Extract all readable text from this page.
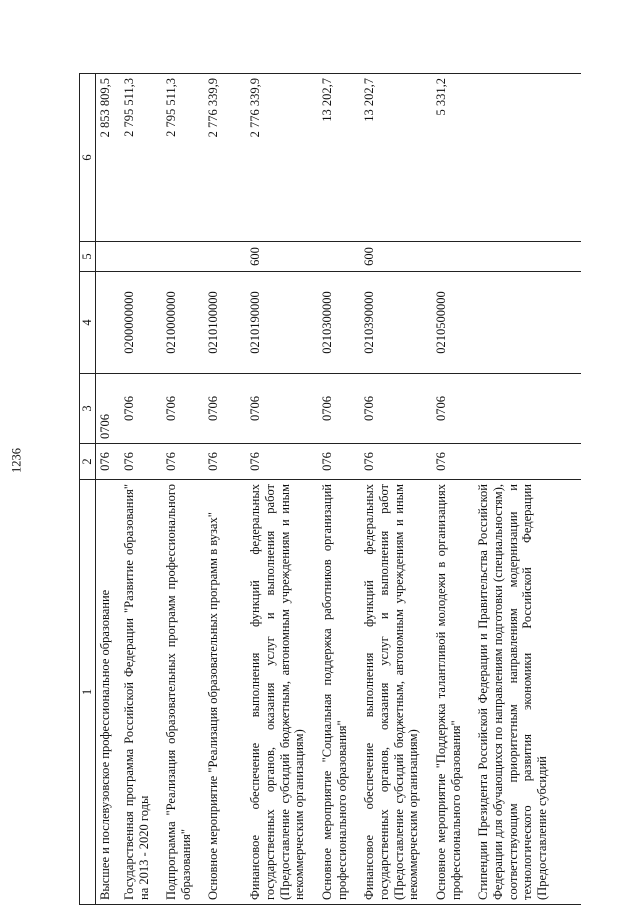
1236
1	2	3	4	5	6
Высшее и послевузовское профессиональное образование	076	0706			2 853 809,5
Государственная программа Российской Федерации "Развитие образования" на 2013 - 2020 годы	076	0706	0200000000		2 795 511,3
Подпрограмма "Реализация образовательных программ профессионального образования"	076	0706	0210000000		2 795 511,3
Основное мероприятие "Реализация образовательных программ в вузах"	076	0706	0210100000		2 776 339,9
Финансовое обеспечение выполнения функций федеральных государственных органов, оказания услуг и выполнения работ (Предоставление субсидий бюджетным, автономным учреждениям и иным некоммерческим организациям)	076	0706	0210190000	600	2 776 339,9
Основное мероприятие "Социальная поддержка работников организаций профессионального образования"	076	0706	0210300000		13 202,7
Финансовое обеспечение выполнения функций федеральных государственных органов, оказания услуг и выполнения работ (Предоставление субсидий бюджетным, автономным учреждениям и иным некоммерческим организациям)	076	0706	0210390000	600	13 202,7
Основное мероприятие "Поддержка талантливой молодежи в организациях профессионального образования"	076	0706	0210500000		5 331,2
Стипендии Президента Российской Федерации и Правительства Российской Федерации для обучающихся по направлениям подготовки (специальностям), соответствующим приоритетным направлениям модернизации и технологического развития экономики Российской Федерации (Предоставление субсидий					
